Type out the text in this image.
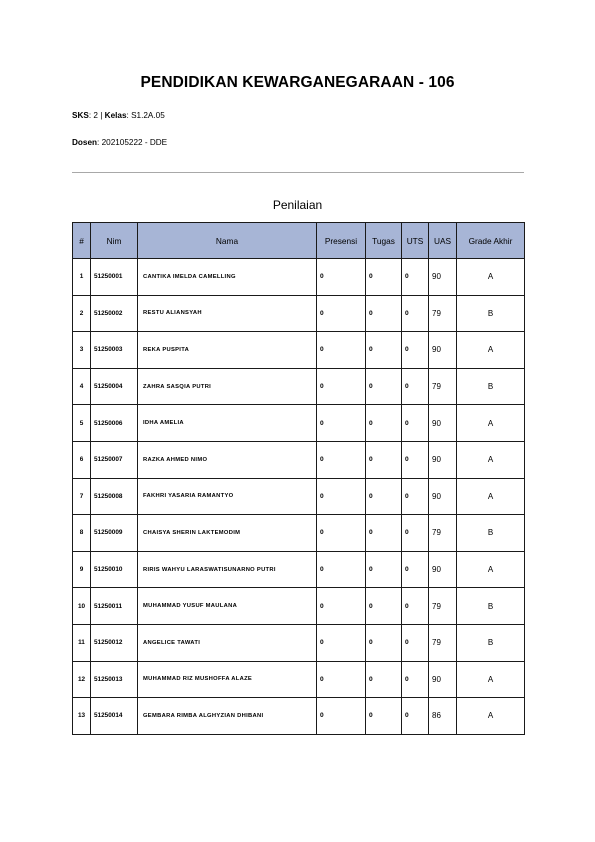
PENDIDIKAN KEWARGANEGARAAN - 106
SKS: 2 | Kelas: S1.2A.05
Dosen: 202105222 - DDE
Penilaian
#	Nim	Nama	Presensi	Tugas	UTS	UAS	Grade Akhir
1	51250001	CANTIKA IMELDA CAMELLING	0	0	0	90	A
2	51250002	RESTU ALIANSYAH	0	0	0	79	B
3	51250003	REKA PUSPITA	0	0	0	90	A
4	51250004	ZAHRA SASQIA PUTRI	0	0	0	79	B
5	51250006	IDHA AMELIA	0	0	0	90	A
6	51250007	RAZKA AHMED NIMO	0	0	0	90	A
7	51250008	FAKHRI YASARIA RAMANTYO	0	0	0	90	A
8	51250009	CHAISYA SHERIN LAKTEMODIM	0	0	0	79	B
9	51250010	RIRIS WAHYU LARASWATISUNARNO PUTRI	0	0	0	90	A
10	51250011	MUHAMMAD YUSUF MAULANA	0	0	0	79	B
11	51250012	ANGELICE TAWATI	0	0	0	79	B
12	51250013	MUHAMMAD RIZ MUSHOFFA ALAZE	0	0	0	90	A
13	51250014	GEMBARA RIMBA ALGHYZIAN DHIBANI	0	0	0	86	A
